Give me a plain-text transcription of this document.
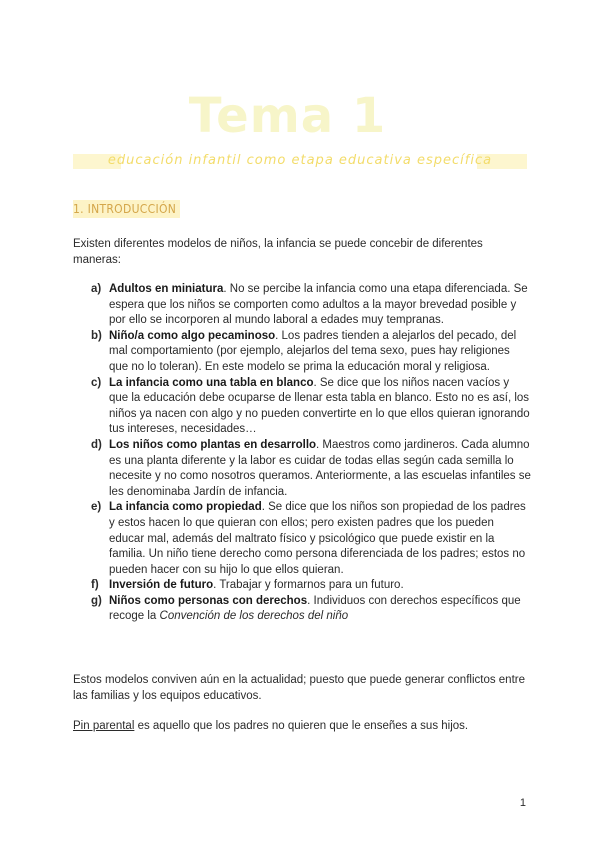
Tema 1
educación infantil como etapa educativa específica
1. INTRODUCCIÓN
Existen diferentes modelos de niños, la infancia se puede concebir de diferentes maneras:
a) Adultos en miniatura. No se percibe la infancia como una etapa diferenciada. Se espera que los niños se comporten como adultos a la mayor brevedad posible y por ello se incorporen al mundo laboral a edades muy tempranas.
b) Niño/a como algo pecaminoso. Los padres tienden a alejarlos del pecado, del mal comportamiento (por ejemplo, alejarlos del tema sexo, pues hay religiones que no lo toleran). En este modelo se prima la educación moral y religiosa.
c) La infancia como una tabla en blanco. Se dice que los niños nacen vacíos y que la educación debe ocuparse de llenar esta tabla en blanco. Esto no es así, los niños ya nacen con algo y no pueden convertirte en lo que ellos quieran ignorando tus intereses, necesidades…
d) Los niños como plantas en desarrollo. Maestros como jardineros. Cada alumno es una planta diferente y la labor es cuidar de todas ellas según cada semilla lo necesite y no como nosotros queramos. Anteriormente, a las escuelas infantiles se les denominaba Jardín de infancia.
e) La infancia como propiedad. Se dice que los niños son propiedad de los padres y estos hacen lo que quieran con ellos; pero existen padres que los pueden educar mal, además del maltrato físico y psicológico que puede existir en la familia. Un niño tiene derecho como persona diferenciada de los padres; estos no pueden hacer con su hijo lo que ellos quieran.
f) Inversión de futuro. Trabajar y formarnos para un futuro.
g) Niños como personas con derechos. Individuos con derechos específicos que recoge la Convención de los derechos del niño
Estos modelos conviven aún en la actualidad; puesto que puede generar conflictos entre las familias y los equipos educativos.
Pin parental es aquello que los padres no quieren que le enseñes a sus hijos.
1
